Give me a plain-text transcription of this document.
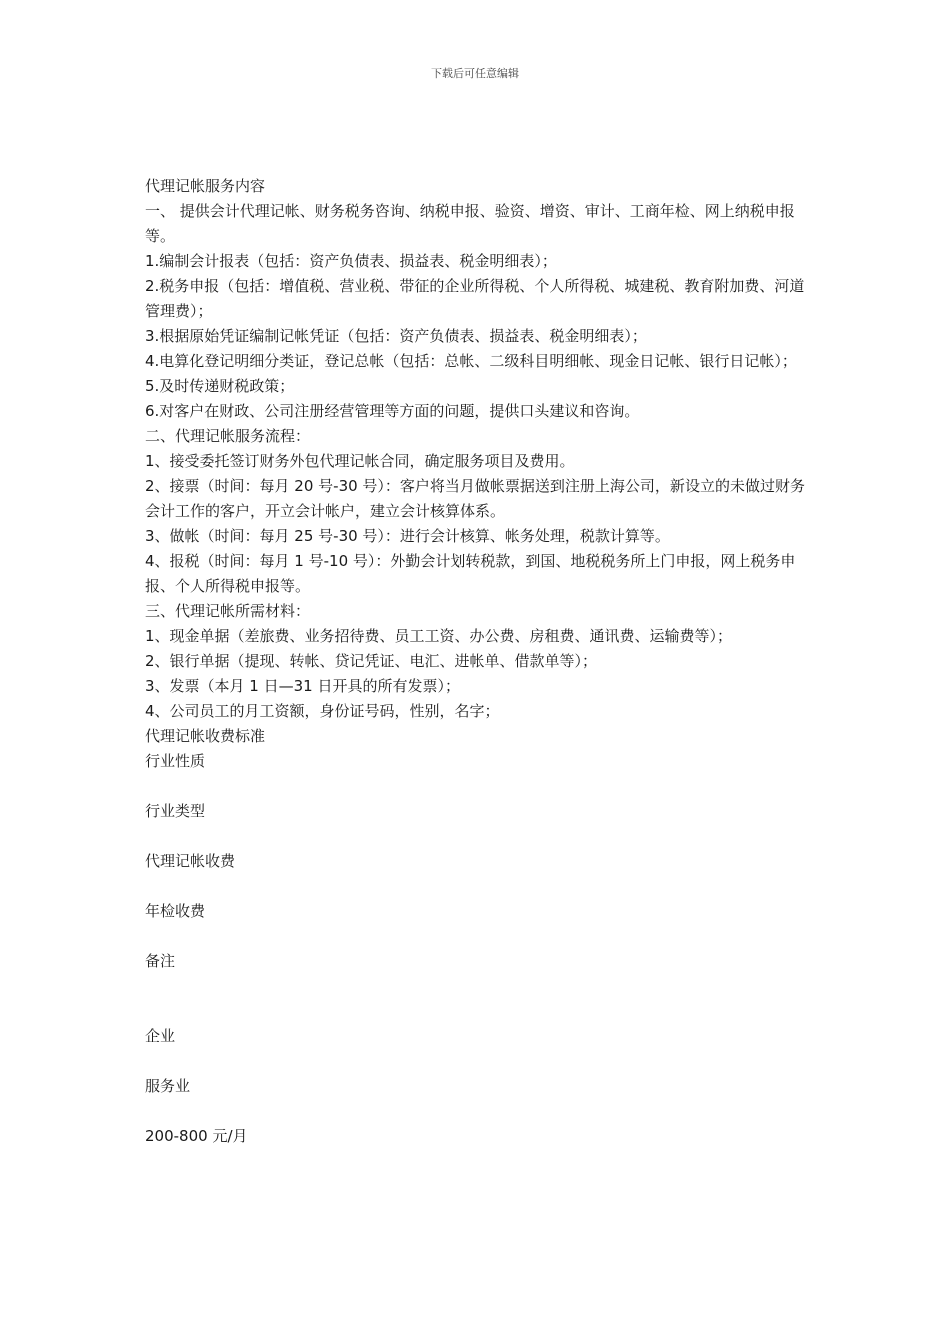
下载后可任意编辑

代理记帐服务内容

一、 提供会计代理记帐、财务税务咨询、纳税申报、验资、增资、审计、工商年检、网上纳税申报等。

1.编制会计报表（包括：资产负债表、损益表、税金明细表）；

2.税务申报（包括：增值税、营业税、带征的企业所得税、个人所得税、城建税、教育附加费、河道管理费）；

3.根据原始凭证编制记帐凭证（包括：资产负债表、损益表、税金明细表）；

4.电算化登记明细分类证，登记总帐（包括：总帐、二级科目明细帐、现金日记帐、银行日记帐）；

5.及时传递财税政策；

6.对客户在财政、公司注册经营管理等方面的问题，提供口头建议和咨询。

二、代理记帐服务流程：

1、接受委托签订财务外包代理记帐合同，确定服务项目及费用。

2、接票（时间：每月 20 号-30 号）：客户将当月做帐票据送到注册上海公司，新设立的未做过财务会计工作的客户，开立会计帐户，建立会计核算体系。

3、做帐（时间：每月 25 号-30 号）：进行会计核算、帐务处理，税款计算等。

4、报税（时间：每月 1 号-10 号）：外勤会计划转税款，到国、地税税务所上门申报，网上税务申报、个人所得税申报等。

三、代理记帐所需材料：

1、现金单据（差旅费、业务招待费、员工工资、办公费、房租费、通讯费、运输费等）；

2、银行单据（提现、转帐、贷记凭证、电汇、进帐单、借款单等）；

3、发票（本月 1 日—31 日开具的所有发票）；

4、公司员工的月工资额，身份证号码，性别，名字；

代理记帐收费标准

行业性质

行业类型

代理记帐收费

年检收费

备注

企业

服务业

200-800 元/月
